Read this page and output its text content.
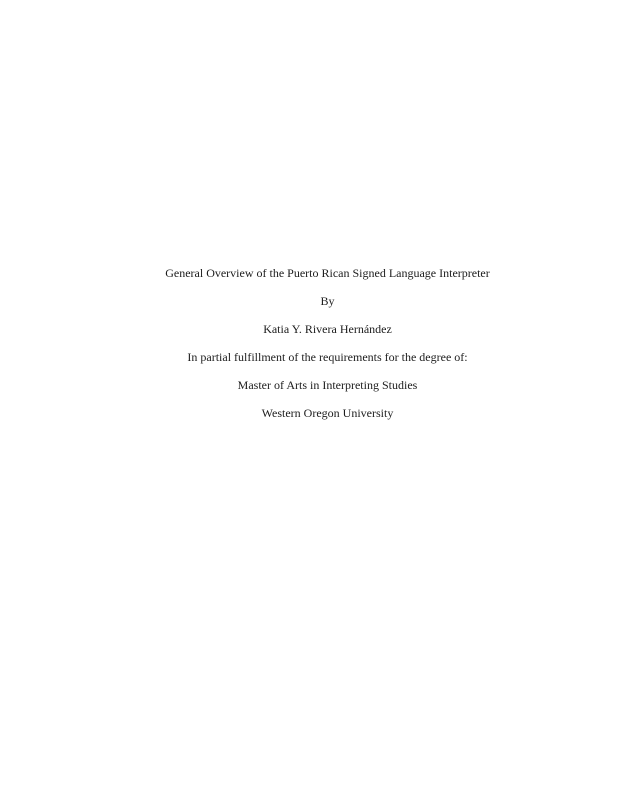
General Overview of the Puerto Rican Signed Language Interpreter

By

Katia Y. Rivera Hernández

In partial fulfillment of the requirements for the degree of:

Master of Arts in Interpreting Studies

Western Oregon University
